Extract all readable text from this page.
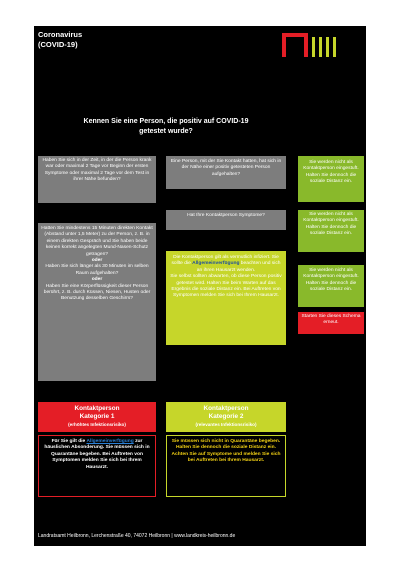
Coronavirus
(COVID-19)
Kennen Sie eine Person, die positiv auf COVID-19 getestet wurde?
Haben Sie sich in der Zeit, in der die Person krank war oder maximal 2 Tage vor Beginn der ersten Symptome oder maximal 2 Tage vor dem Test in ihrer Nähe befunden?
Eine Person, mit der Sie Kontakt hatten, hat sich in der Nähe einer positiv getesteten Person aufgehalten?
Sie werden nicht als Kontaktperson eingestuft. Halten Sie dennoch die soziale Distanz ein.
Hat Ihre Kontaktperson Symptome?	Sie werden nicht als Kontaktperson eingestuft. Halten Sie dennoch die soziale Distanz ein.
Hatten Sie mindestens 15 Minuten direkten Kontakt (Abstand unter 1,5 Meter) zu der Person, z. B. in einem direkten Gespräch und Sie haben beide keinen korrekt angelegten Mund-Nasen-Schutz getragen?
oder
Haben Sie sich länger als 30 Minuten im selben Raum aufgehalten?
oder
Haben Sie eine Körperflüssigkeit dieser Person berührt, z. B. durch Küssen, Niesen, Husten oder Benutzung desselben Geschirrs?
Die Kontaktperson gilt als vermutlich infiziert. Sie sollte die Allgemeinverfügung beachten und sich an ihren Hausarzt wenden.
Sie selbst sollten abwarten, ob diese Person positiv getestet wird. Halten Sie beim Warten auf das Ergebnis die soziale Distanz ein. Bei Auftreten von Symptomen melden Sie sich bei Ihrem Hausarzt.
Sie werden nicht als Kontaktperson eingestuft. Halten Sie dennoch die soziale Distanz ein.
Starten Sie dieses Schema erneut.
Kontaktperson
Kategorie 1
(erhöhtes Infektionsrisiko)
Kontaktperson
Kategorie 2
(relevantes Infektionsrisiko)
Für Sie gilt die Allgemeinverfügung zur häuslichen Absonderung. Sie müssen sich in Quarantäne begeben. Bei Auftreten von Symptomen melden Sie sich bei Ihrem Hausarzt.
Sie müssen sich nicht in Quarantäne begeben. Halten Sie dennoch die soziale Distanz ein. Achten Sie auf Symptome und melden Sie sich bei Auftreten bei Ihrem Hausarzt.
Landratsamt Heilbronn, Lerchenstraße 40, 74072 Heilbronn | www.landkreis-heilbronn.de
